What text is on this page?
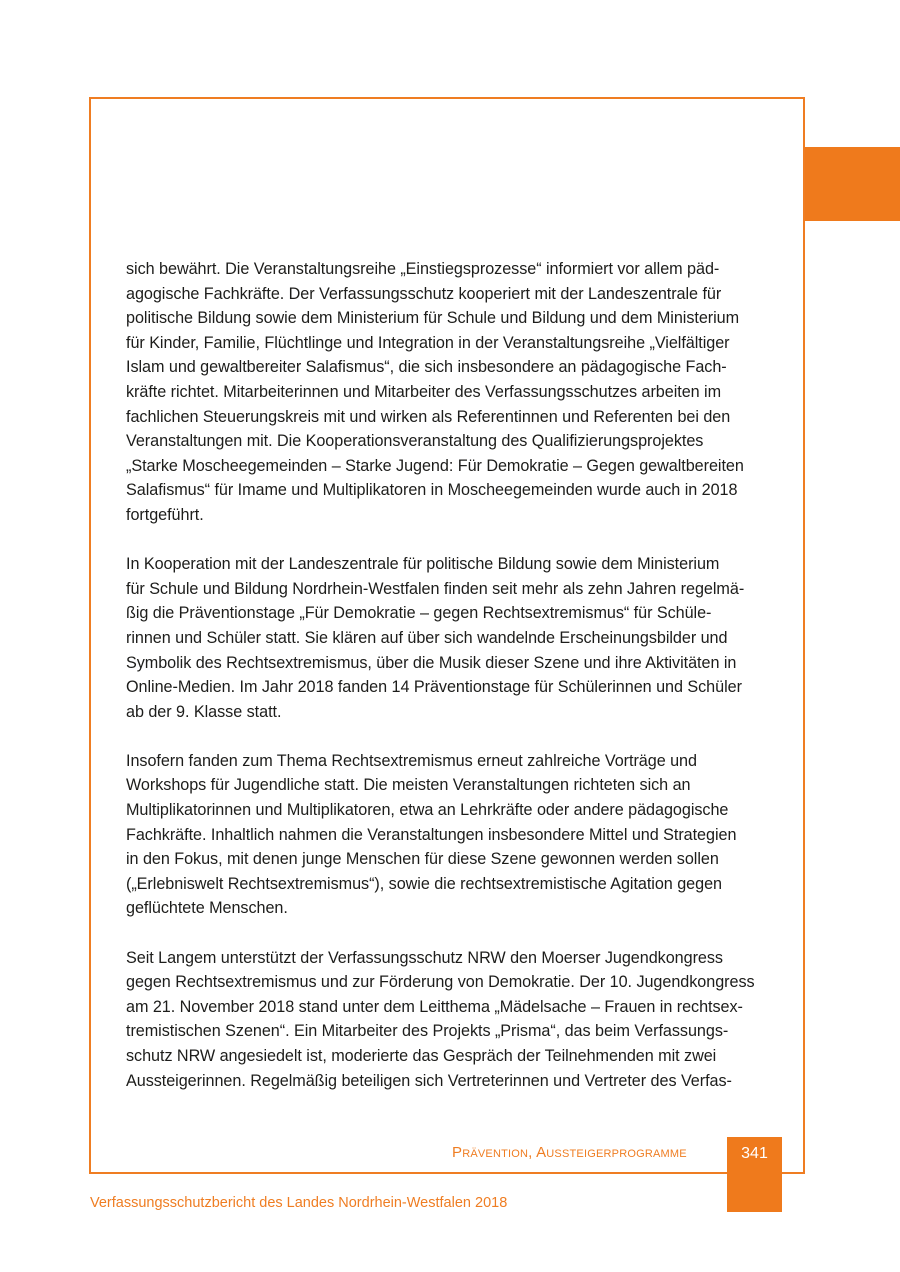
sich bewährt. Die Veranstaltungsreihe „Einstiegsprozesse“ informiert vor allem päd-
agogische Fachkräfte. Der Verfassungsschutz kooperiert mit der Landeszentrale für
politische Bildung sowie dem Ministerium für Schule und Bildung und dem Ministerium
für Kinder, Familie, Flüchtlinge und Integration in der Veranstaltungsreihe „Vielfältiger
Islam und gewaltbereiter Salafismus“, die sich insbesondere an pädagogische Fach-
kräfte richtet. Mitarbeiterinnen und Mitarbeiter des Verfassungsschutzes arbeiten im
fachlichen Steuerungskreis mit und wirken als Referentinnen und Referenten bei den
Veranstaltungen mit. Die Kooperationsveranstaltung des Qualifizierungsprojektes
„Starke Moscheegemeinden – Starke Jugend: Für Demokratie – Gegen gewaltbereiten
Salafismus“ für Imame und Multiplikatoren in Moscheegemeinden wurde auch in 2018
fortgeführt.
In Kooperation mit der Landeszentrale für politische Bildung sowie dem Ministerium
für Schule und Bildung Nordrhein-Westfalen finden seit mehr als zehn Jahren regelmä-
ßig die Präventionstage „Für Demokratie – gegen Rechtsextremismus“ für Schüle-
rinnen und Schüler statt. Sie klären auf über sich wandelnde Erscheinungsbilder und
Symbolik des Rechtsextremismus, über die Musik dieser Szene und ihre Aktivitäten in
Online-Medien. Im Jahr 2018 fanden 14 Präventionstage für Schülerinnen und Schüler
ab der 9. Klasse statt.
Insofern fanden zum Thema Rechtsextremismus erneut zahlreiche Vorträge und
Workshops für Jugendliche statt. Die meisten Veranstaltungen richteten sich an
Multiplikatorinnen und Multiplikatoren, etwa an Lehrkräfte oder andere pädagogische
Fachkräfte. Inhaltlich nahmen die Veranstaltungen insbesondere Mittel und Strategien
in den Fokus, mit denen junge Menschen für diese Szene gewonnen werden sollen
(„Erlebniswelt Rechtsextremismus“), sowie die rechtsextremistische Agitation gegen
geflüchtete Menschen.
Seit Langem unterstützt der Verfassungsschutz NRW den Moerser Jugendkongress
gegen Rechtsextremismus und zur Förderung von Demokratie. Der 10. Jugendkongress
am 21. November 2018 stand unter dem Leitthema „Mädelsache – Frauen in rechtsex-
tremistischen Szenen“. Ein Mitarbeiter des Projekts „Prisma“, das beim Verfassungs-
schutz NRW angesiedelt ist, moderierte das Gespräch der Teilnehmenden mit zwei
Aussteigerinnen. Regelmäßig beteiligen sich Vertreterinnen und Vertreter des Verfas-
Prävention, Aussteigerprogramme	341
Verfassungsschutzbericht des Landes Nordrhein-Westfalen 2018
